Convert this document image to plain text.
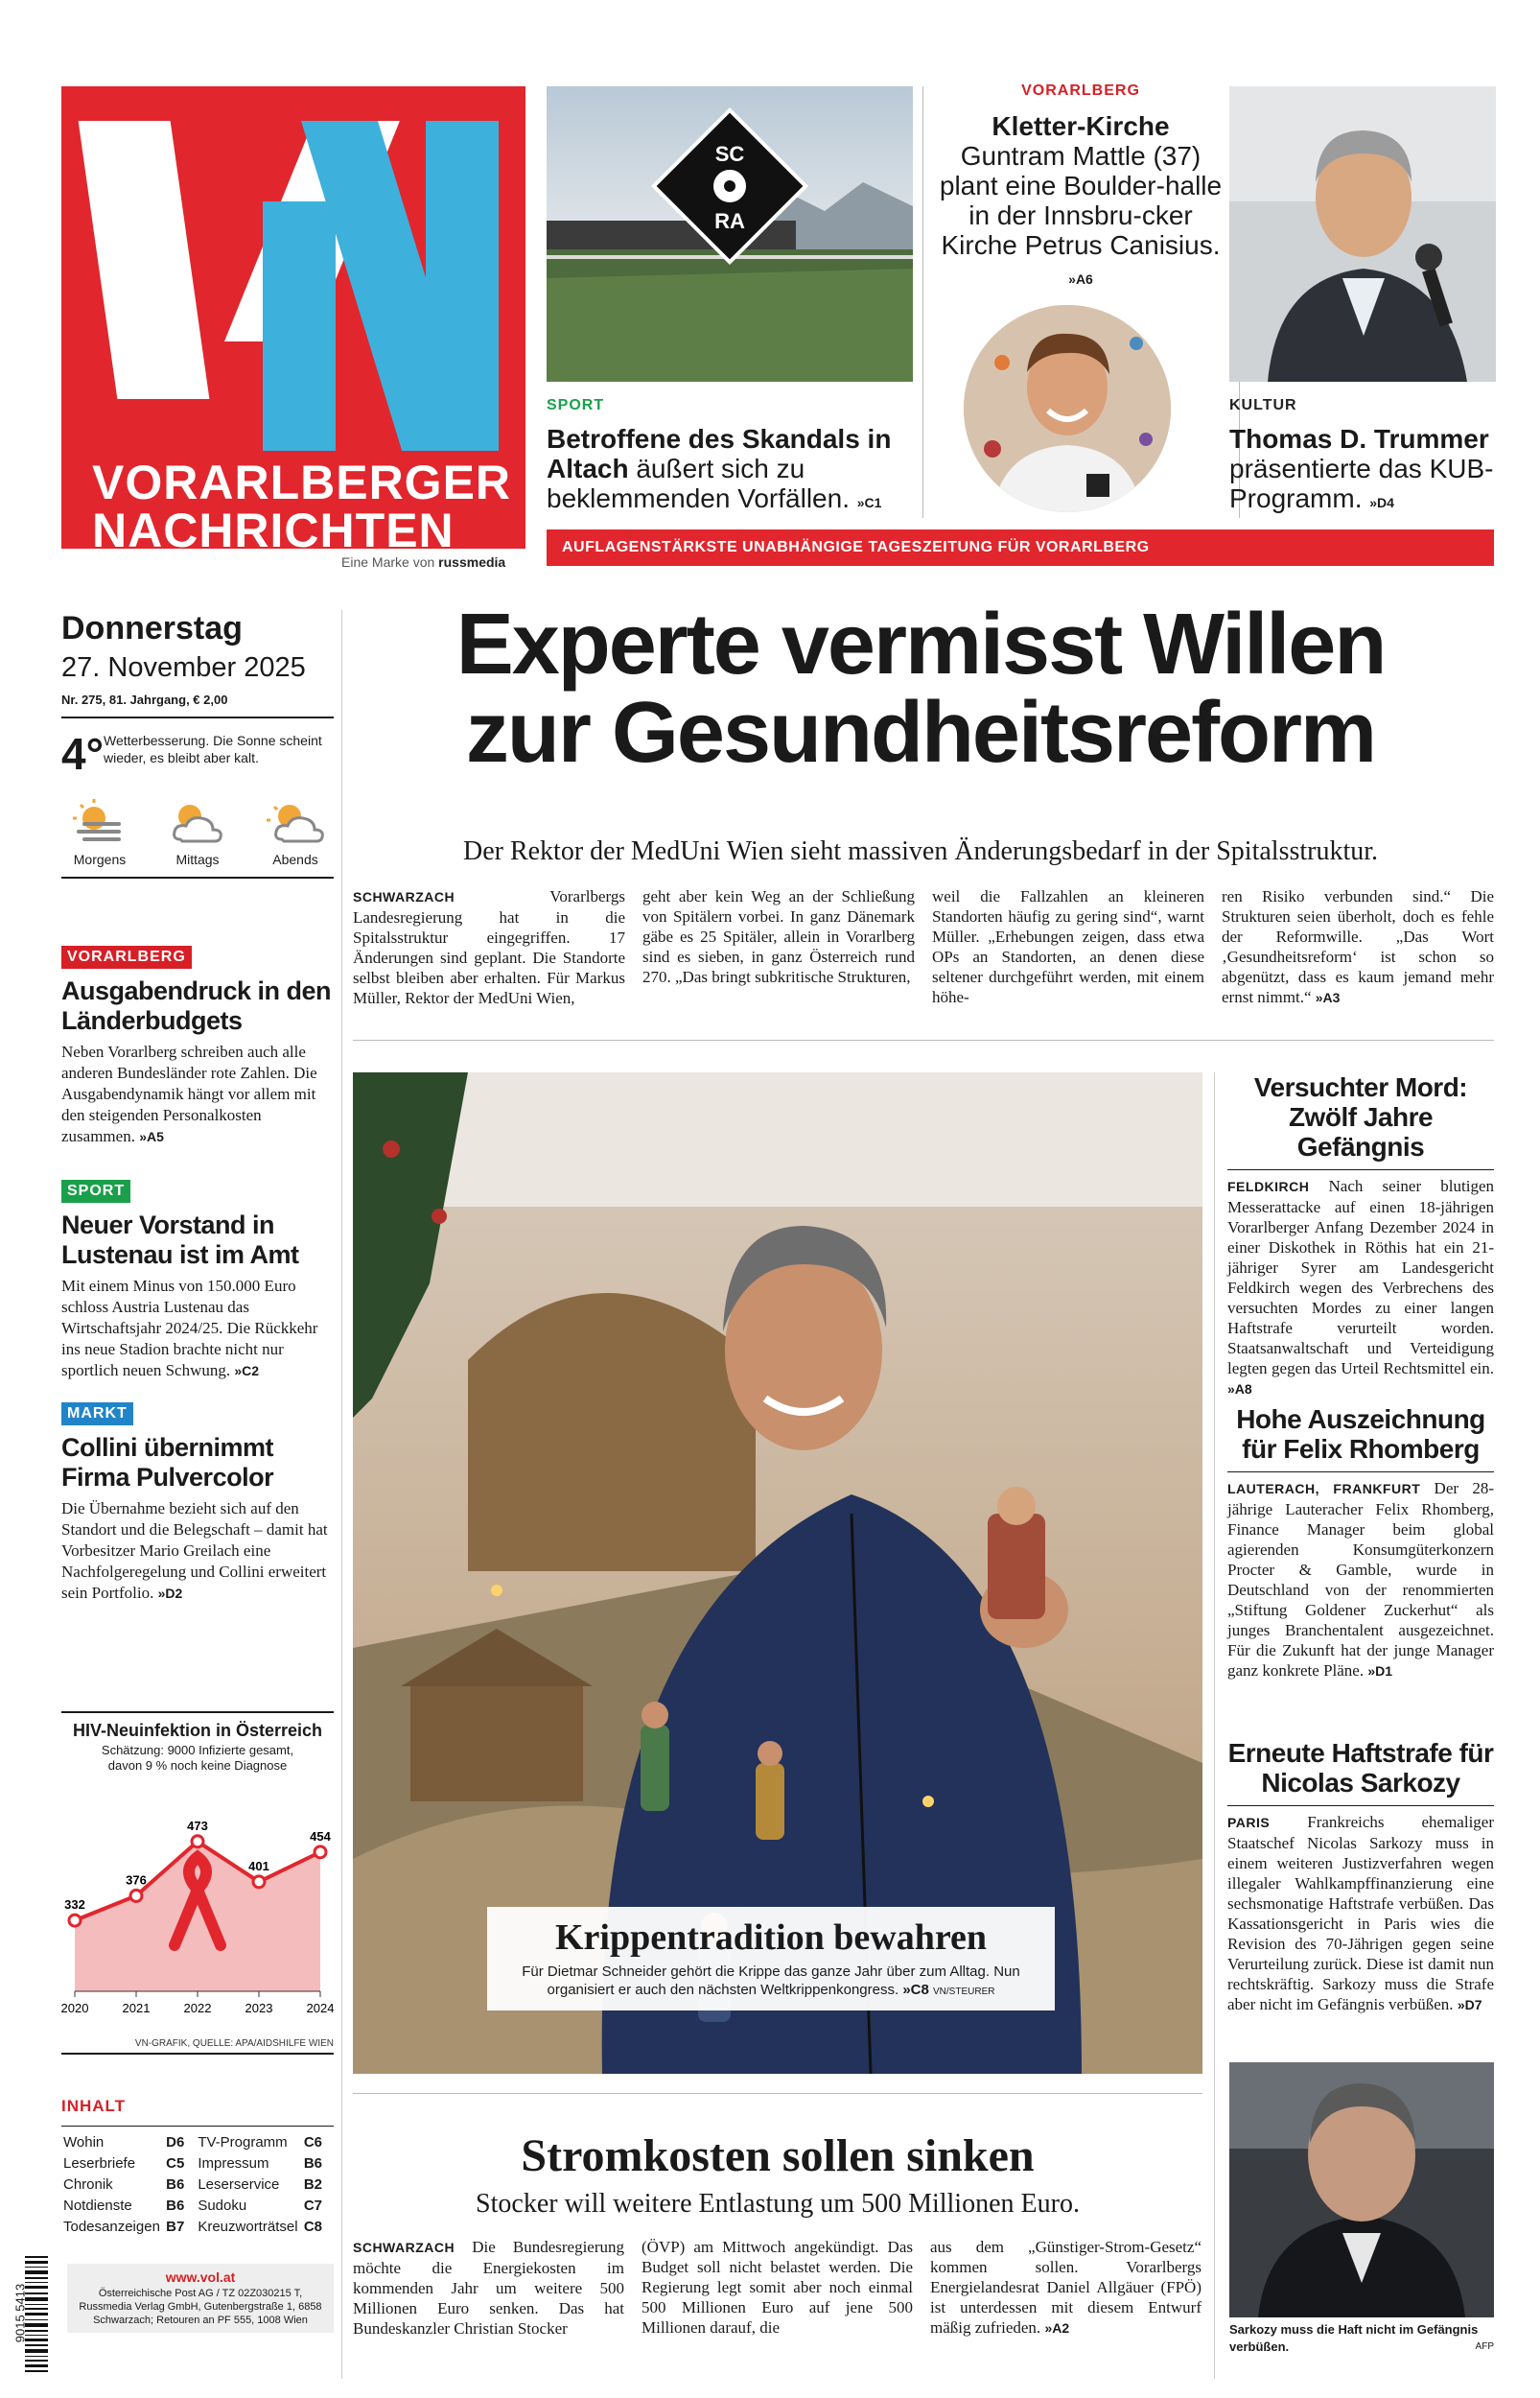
VORARLBERGER
NACHRICHTEN
Eine Marke von russmedia
SC
RA
SPORT
Betroffene des Skandals in Altach äußert sich zu beklemmenden Vorfällen. »C1
VORARLBERG
Kletter-Kirche
Guntram Mattle (37) plant eine Boulder-halle in der Innsbru-cker Kirche Petrus Canisius. »A6
KULTUR
Thomas D. Trummer präsentierte das KUB-Programm. »D4
AUFLAGENSTÄRKSTE UNABHÄNGIGE TAGESZEITUNG FÜR VORARLBERG
Donnerstag
27. November 2025
Nr. 275, 81. Jahrgang, € 2,00
4° Wetterbesserung. Die Sonne scheint wieder, es bleibt aber kalt.
Morgens	Mittags	Abends
VORARLBERG
Ausgabendruck in den Länderbudgets
Neben Vorarlberg schreiben auch alle anderen Bundesländer rote Zahlen. Die Ausgabendynamik hängt vor allem mit den steigenden Personalkosten zusammen. »A5
SPORT
Neuer Vorstand in Lustenau ist im Amt
Mit einem Minus von 150.000 Euro schloss Austria Lustenau das Wirtschaftsjahr 2024/25. Die Rückkehr ins neue Stadion brachte nicht nur sportlich neuen Schwung. »C2
MARKT
Collini übernimmt Firma Pulvercolor
Die Übernahme bezieht sich auf den Standort und die Belegschaft – damit hat Vorbesitzer Mario Greilach eine Nachfolgeregelung und Collini erweitert sein Portfolio. »D2
HIV-Neuinfektion in Österreich
Schätzung: 9000 Infizierte gesamt, davon 9 % noch keine Diagnose
332
2020
376
2021
473
2022
401
2023
454
2024
VN-GRAFIK, QUELLE: APA/AIDSHILFE WIEN
INHALT
Wohin	D6	TV-Programm	C6
Leserbriefe	C5	Impressum	B6
Chronik	B6	Leserservice	B2
Notdienste	B6	Sudoku	C7
Todesanzeigen	B7	Kreuzworträtsel	C8
9015 5413
www.vol.at
Österreichische Post AG / TZ 02Z030215 T, Russmedia Verlag GmbH, Gutenbergstraße 1, 6858 Schwarzach; Retouren an PF 555, 1008 Wien
Experte vermisst Willen
zur Gesundheitsreform
Der Rektor der MedUni Wien sieht massiven Änderungsbedarf in der Spitalsstruktur.
SCHWARZACH	Vorarlbergs Landesregierung hat in die Spitalsstruktur eingegriffen. 17 Änderungen sind geplant. Die Standorte selbst bleiben aber erhalten. Für Markus Müller, Rektor der MedUni Wien,
geht aber kein Weg an der Schließung von Spitälern vorbei. In ganz Dänemark gäbe es 25 Spitäler, allein in Vorarlberg sind es sieben, in ganz Österreich rund 270. „Das bringt subkritische Strukturen,
weil die Fallzahlen an kleineren Standorten häufig zu gering sind“, warnt Müller. „Erhebungen zeigen, dass etwa OPs an Standorten, an denen diese seltener durchgeführt werden, mit einem höhe-
ren Risiko verbunden sind.“ Die Strukturen seien überholt, doch es fehle der Reformwille. „Das Wort ‚Gesundheitsreform‘ ist schon so abgenützt, dass es kaum jemand mehr ernst nimmt.“ »A3
Krippentradition bewahren
Für Dietmar Schneider gehört die Krippe das ganze Jahr über zum Alltag. Nun organisiert er auch den nächsten Weltkrippenkongress. »C8 VN/STEURER
Versuchter Mord: Zwölf Jahre Gefängnis
FELDKIRCH Nach seiner blutigen Messerattacke auf einen 18-jährigen Vorarlberger Anfang Dezember 2024 in einer Diskothek in Röthis hat ein 21-jähriger Syrer am Landesgericht Feldkirch wegen des Verbrechens des versuchten Mordes zu einer langen Haftstrafe verurteilt worden. Staatsanwaltschaft und Verteidigung legten gegen das Urteil Rechtsmittel ein. »A8
Hohe Auszeichnung für Felix Rhomberg
LAUTERACH, FRANKFURT Der 28-jährige Lauteracher Felix Rhomberg, Finance Manager beim global agierenden Konsumgüterkonzern Procter & Gamble, wurde in Deutschland von der renommierten „Stiftung Goldener Zuckerhut“ als junges Branchentalent ausgezeichnet. Für die Zukunft hat der junge Manager ganz konkrete Pläne. »D1
Erneute Haftstrafe für Nicolas Sarkozy
PARIS Frankreichs ehemaliger Staatschef Nicolas Sarkozy muss in einem weiteren Justizverfahren wegen illegaler Wahlkampffinanzierung eine sechsmonatige Haftstrafe verbüßen. Das Kassationsgericht in Paris wies die Revision des 70-Jährigen gegen seine Verurteilung zurück. Diese ist damit nun rechtskräftig. Sarkozy muss die Strafe aber nicht im Gefängnis verbüßen. »D7
Sarkozy muss die Haft nicht im Gefängnis verbüßen.	AFP
Stromkosten sollen sinken
Stocker will weitere Entlastung um 500 Millionen Euro.
SCHWARZACH Die Bundesregierung möchte die Energiekosten im kommenden Jahr um weitere 500 Millionen Euro senken. Das hat Bundeskanzler Christian Stocker
(ÖVP) am Mittwoch angekündigt. Das Budget soll nicht belastet werden. Die Regierung legt somit aber noch einmal 500 Millionen Euro auf jene 500 Millionen darauf, die
aus dem „Günstiger-Strom-Gesetz“ kommen sollen. Vorarlbergs Energielandesrat Daniel Allgäuer (FPÖ) ist unterdessen mit diesem Entwurf mäßig zufrieden. »A2
